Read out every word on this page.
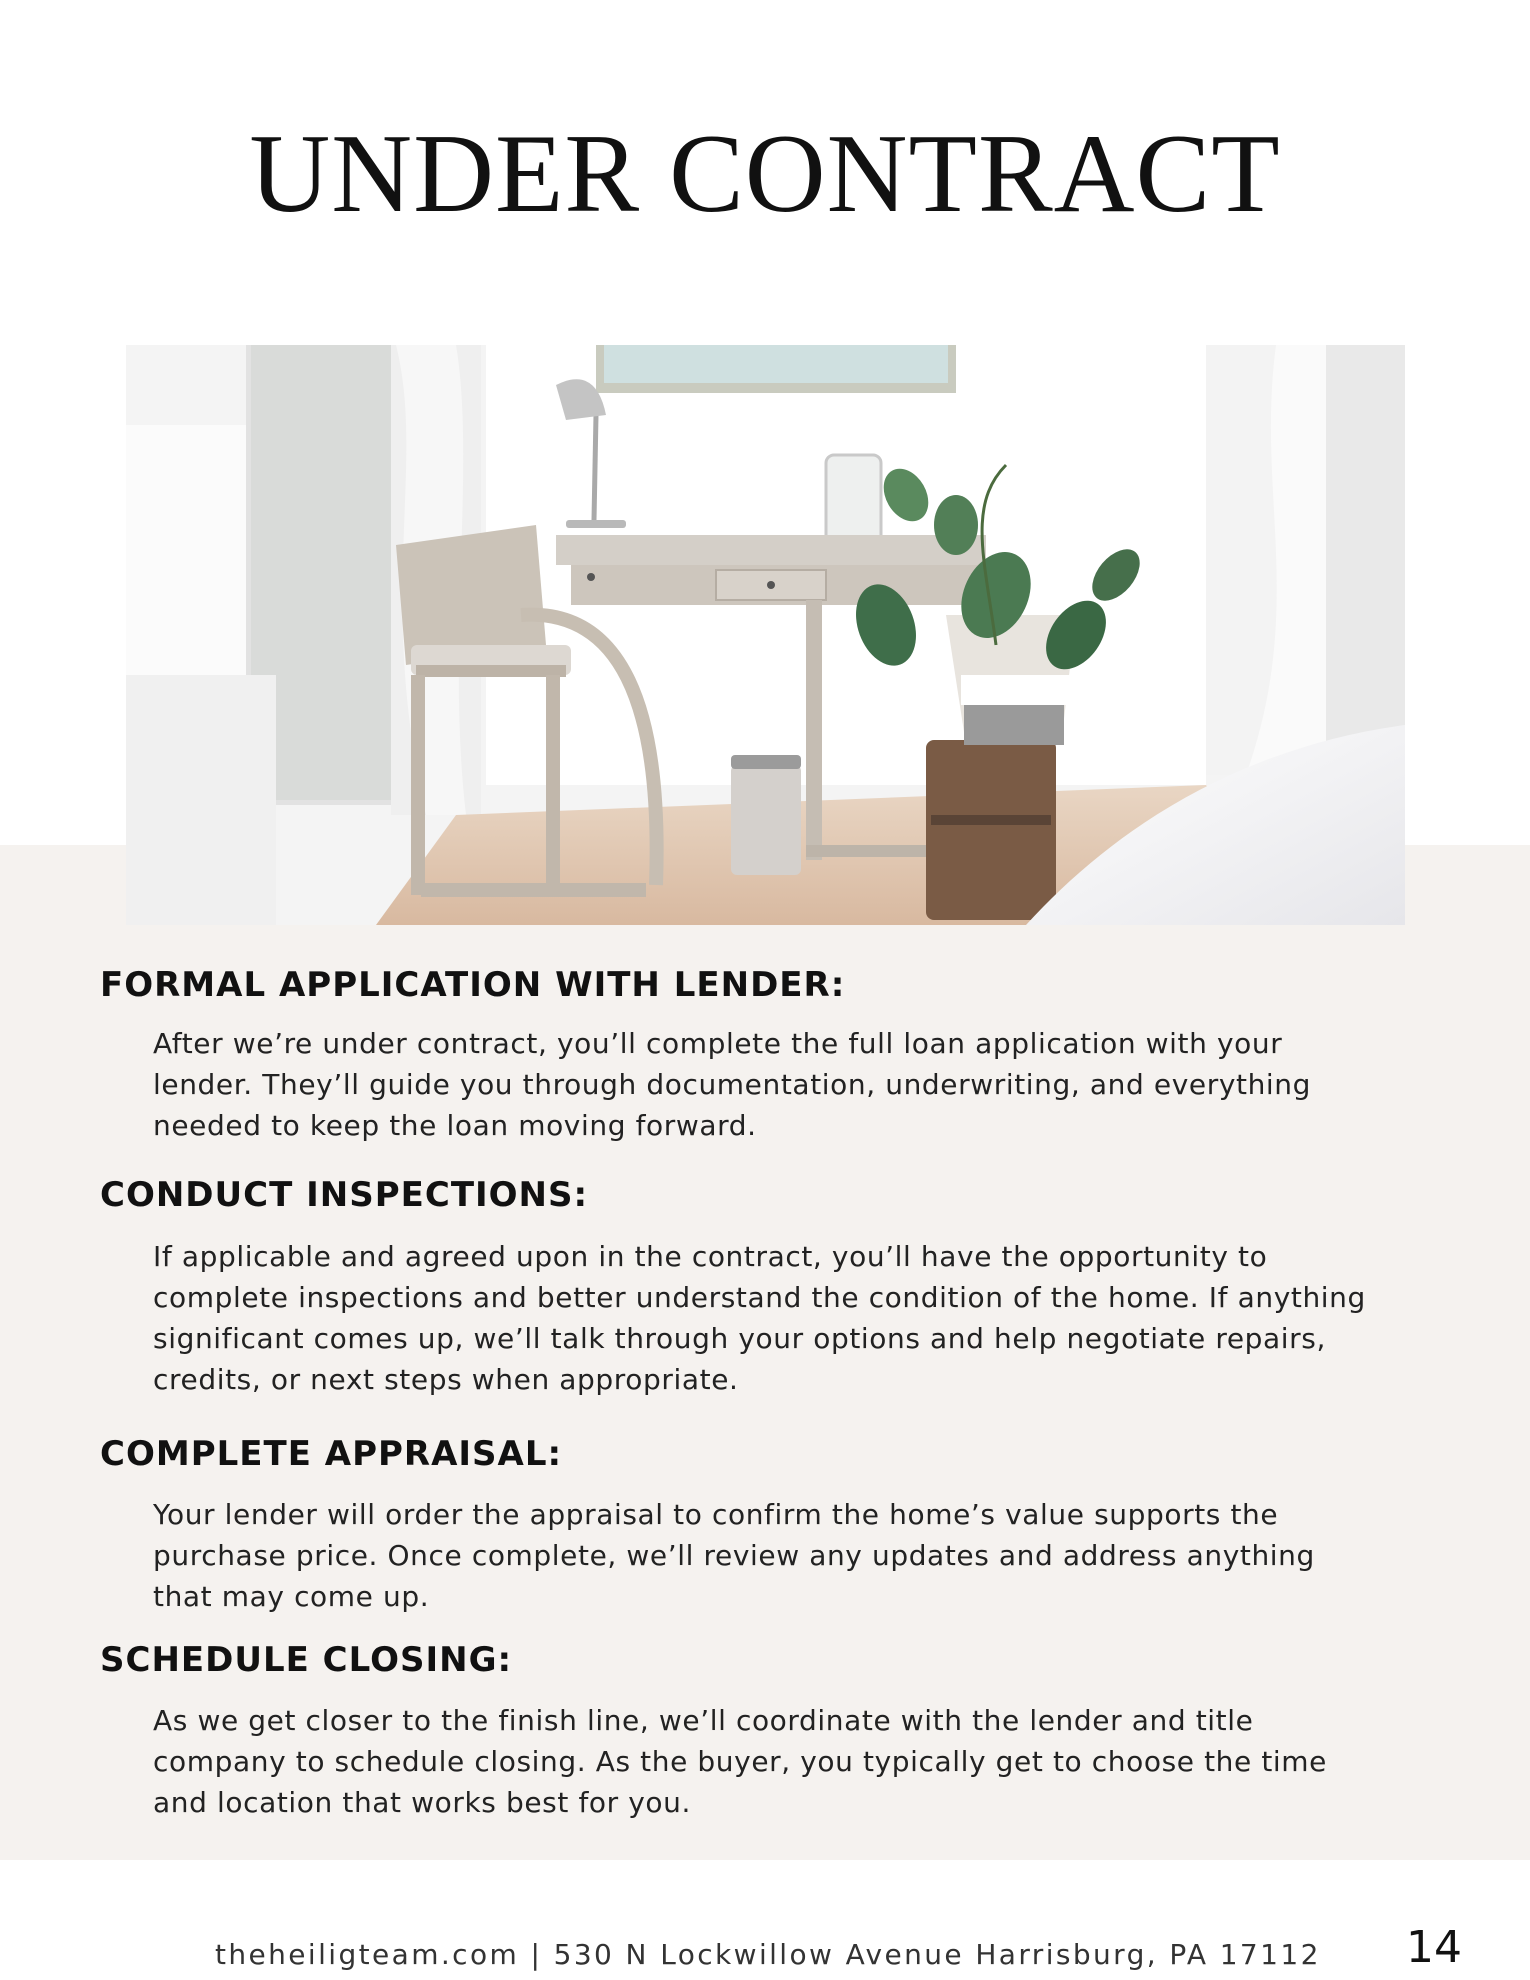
UNDER CONTRACT
FORMAL APPLICATION WITH LENDER:

After we’re under contract, you’ll complete the full loan application with your lender. They’ll guide you through documentation, underwriting, and everything needed to keep the loan moving forward.

CONDUCT INSPECTIONS:

If applicable and agreed upon in the contract, you’ll have the opportunity to complete inspections and better understand the condition of the home. If anything significant comes up, we’ll talk through your options and help negotiate repairs, credits, or next steps when appropriate.

COMPLETE APPRAISAL:

Your lender will order the appraisal to confirm the home’s value supports the purchase price. Once complete, we’ll review any updates and address anything that may come up.

SCHEDULE CLOSING:

As we get closer to the finish line, we’ll coordinate with the lender and title company to schedule closing. As the buyer, you typically get to choose the time and location that works best for you.

theheiligteam.com | 530 N Lockwillow Avenue Harrisburg, PA 17112 14
